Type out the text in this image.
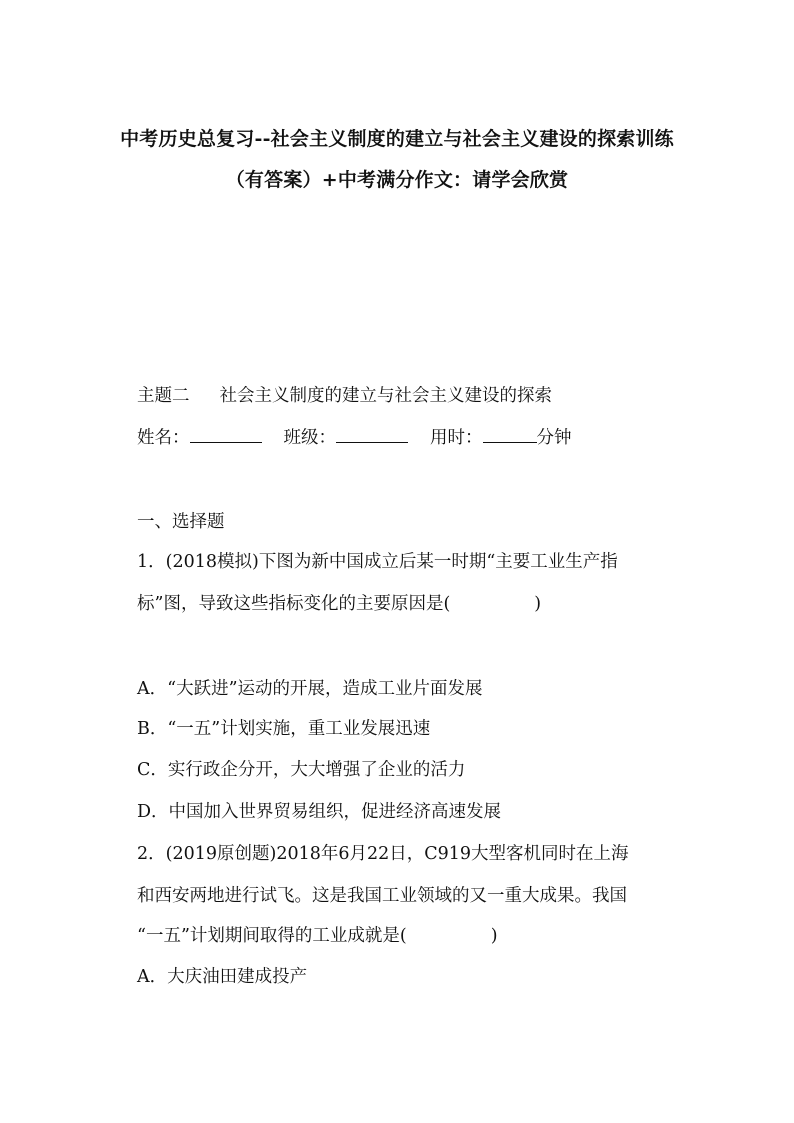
中考历史总复习--社会主义制度的建立与社会主义建设的探索训练
（有答案）+中考满分作文：请学会欣赏
主题二 社会主义制度的建立与社会主义建设的探索
姓名：	班级：	用时：	分钟
一、选择题
1．(2018模拟)下图为新中国成立后某一时期“主要工业生产指
标”图，导致这些指标变化的主要原因是(	)
A．“大跃进”运动的开展，造成工业片面发展
B．“一五”计划实施，重工业发展迅速
C．实行政企分开，大大增强了企业的活力
D．中国加入世界贸易组织，促进经济高速发展
2．(2019原创题)2018年6月22日，C919大型客机同时在上海
和西安两地进行试飞。这是我国工业领域的又一重大成果。我国
“一五”计划期间取得的工业成就是(	)
A．大庆油田建成投产
